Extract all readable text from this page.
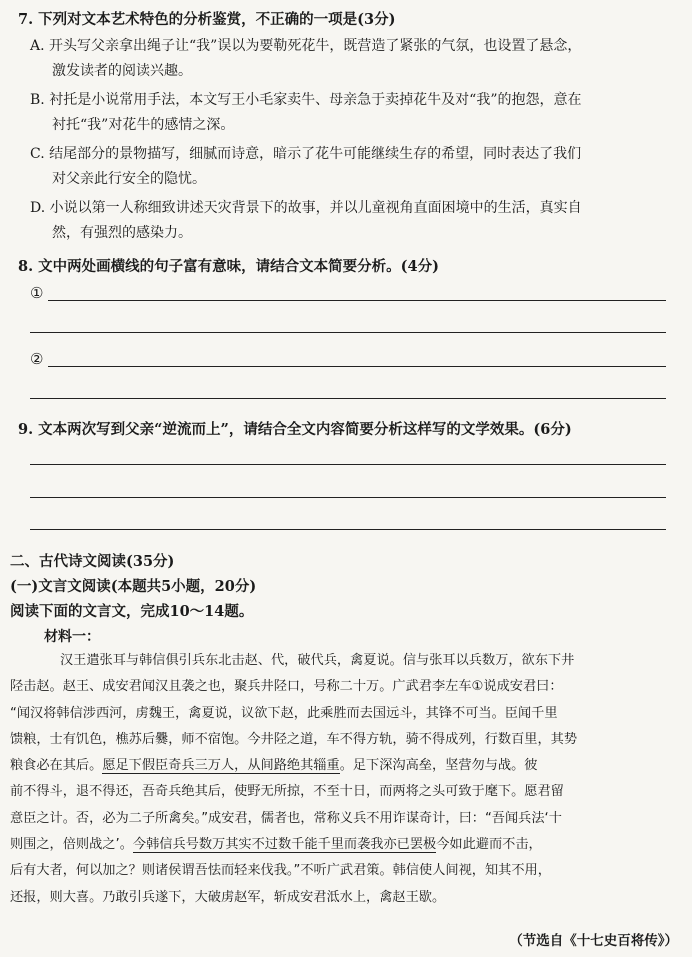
7. 下列对文本艺术特色的分析鉴赏，不正确的一项是(3分)
A. 开头写父亲拿出绳子让“我”误以为要勒死花牛，既营造了紧张的气氛，也设置了悬念，
激发读者的阅读兴趣。
B. 衬托是小说常用手法，本文写王小毛家卖牛、母亲急于卖掉花牛及对“我”的抱怨，意在
衬托“我”对花牛的感情之深。
C. 结尾部分的景物描写，细腻而诗意，暗示了花牛可能继续生存的希望，同时表达了我们
对父亲此行安全的隐忧。
D. 小说以第一人称细致讲述天灾背景下的故事，并以儿童视角直面困境中的生活，真实自
然，有强烈的感染力。
8. 文中两处画横线的句子富有意味，请结合文本简要分析。(4分)
①
②
9. 文本两次写到父亲“逆流而上”，请结合全文内容简要分析这样写的文学效果。(6分)
二、古代诗文阅读(35分)
(一)文言文阅读(本题共5小题，20分)
阅读下面的文言文，完成10～14题。
材料一：
汉王遣张耳与韩信俱引兵东北击赵、代，破代兵，禽夏说。信与张耳以兵数万，欲东下井
陉击赵。赵王、成安君闻汉且袭之也，聚兵井陉口，号称二十万。广武君李左车①说成安君曰：
“闻汉将韩信涉西河，虏魏王，禽夏说，议欲下赵，此乘胜而去国远斗，其锋不可当。臣闻千里
馈粮，士有饥色，樵苏后爨，师不宿饱。今井陉之道，车不得方轨，骑不得成列，行数百里，其势
粮食必在其后。愿足下假臣奇兵三万人，从间路绝其辎重。足下深沟高垒，坚营勿与战。彼
前不得斗，退不得还，吾奇兵绝其后，使野无所掠，不至十日，而两将之头可致于麾下。愿君留
意臣之计。否，必为二子所禽矣。”成安君，儒者也，常称义兵不用诈谋奇计，曰：“吾闻兵法‘十
则围之，倍则战之’。今韩信兵号数万其实不过数千能千里而袭我亦已罢极今如此避而不击，
后有大者，何以加之？则诸侯谓吾怯而轻来伐我。”不听广武君策。韩信使人间视，知其不用，
还报，则大喜。乃敢引兵遂下，大破虏赵军，斩成安君泜水上，禽赵王歇。
（节选自《十七史百将传》）
